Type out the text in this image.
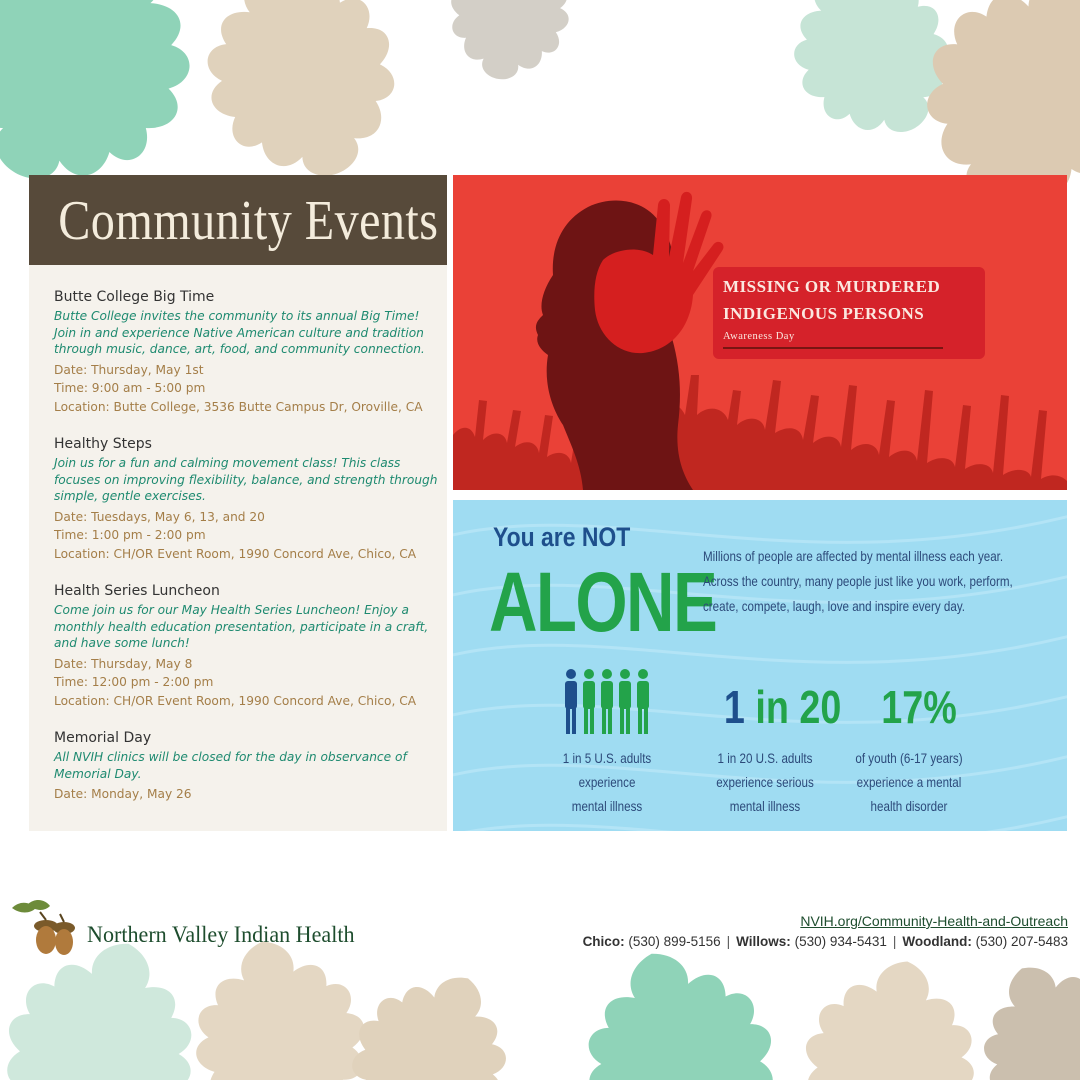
Community Events
Butte College Big Time
Butte College invites the community to its annual Big Time! Join in and experience Native American culture and tradition through music, dance, art, food, and community connection.
Date: Thursday, May 1st
Time: 9:00 am - 5:00 pm
Location: Butte College, 3536 Butte Campus Dr, Oroville, CA
Healthy Steps
Join us for a fun and calming movement class! This class focuses on improving flexibility, balance, and strength through simple, gentle exercises.
Date: Tuesdays, May 6, 13, and 20
Time: 1:00 pm - 2:00 pm
Location: CH/OR Event Room, 1990 Concord Ave, Chico, CA
Health Series Luncheon
Come join us for our May Health Series Luncheon! Enjoy a monthly health education presentation, participate in a craft, and have some lunch!
Date: Thursday, May 8
Time: 12:00 pm - 2:00 pm
Location: CH/OR Event Room, 1990 Concord Ave, Chico, CA
Memorial Day
All NVIH clinics will be closed for the day in observance of Memorial Day.
Date: Monday, May 26
MISSING OR MURDERED INDIGENOUS PERSONS
Awareness Day
You are NOT
ALONE
Millions of people are affected by mental illness each year.
Across the country, many people just like you work, perform,
create, compete, laugh, love and inspire every day.
1 in 5 U.S. adults
experience
mental illness
1 in 20
1 in 20 U.S. adults
experience serious
mental illness
17%
of youth (6-17 years)
experience a mental
health disorder
Northern Valley Indian Health
NVIH.org/Community-Health-and-Outreach
Chico: (530) 899-5156 | Willows: (530) 934-5431 | Woodland: (530) 207-5483
